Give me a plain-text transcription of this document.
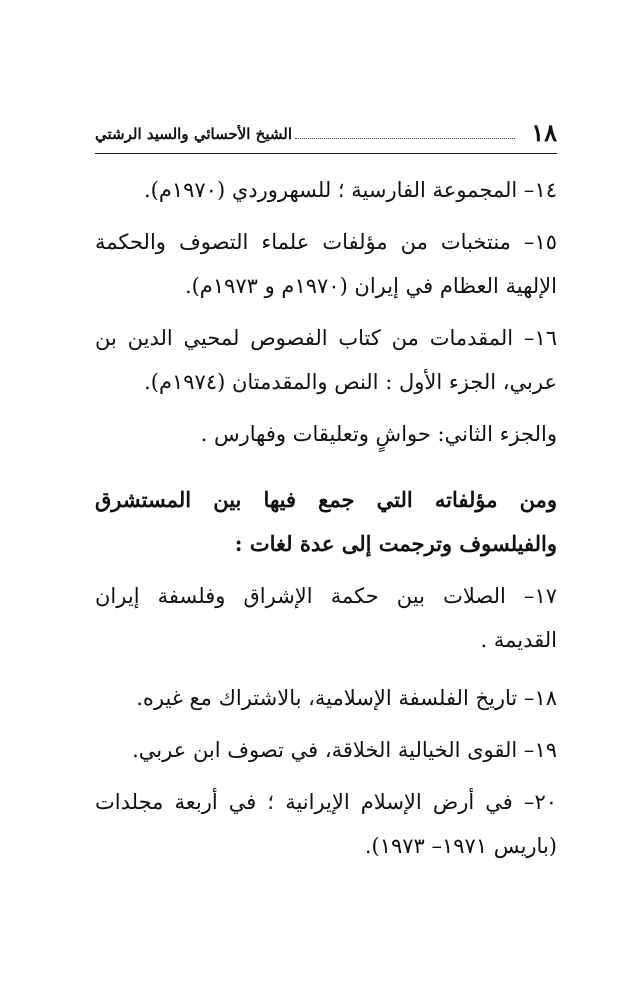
١٨
الشيخ الأحسائي والسيد الرشتي

١٤– المجموعة الفارسية ؛ للسهروردي (١٩٧٠م).

١٥– منتخبات من مؤلفات علماء التصوف والحكمة الإلهية العظام في إيران (١٩٧٠م و ١٩٧٣م).

١٦– المقدمات من كتاب الفصوص لمحيي الدين بن عربي، الجزء الأول : النص والمقدمتان (١٩٧٤م).

والجزء الثاني: حواشٍ وتعليقات وفهارس .

ومن مؤلفاته التي جمع فيها بين المستشرق والفيلسوف وترجمت إلى عدة لغات :

١٧– الصلات بين حكمة الإشراق وفلسفة إيران القديمة .

١٨– تاريخ الفلسفة الإسلامية، بالاشتراك مع غيره.

١٩– القوى الخيالية الخلاقة، في تصوف ابن عربي.

٢٠– في أرض الإسلام الإيرانية ؛ في أربعة مجلدات (باريس ١٩٧١– ١٩٧٣).
